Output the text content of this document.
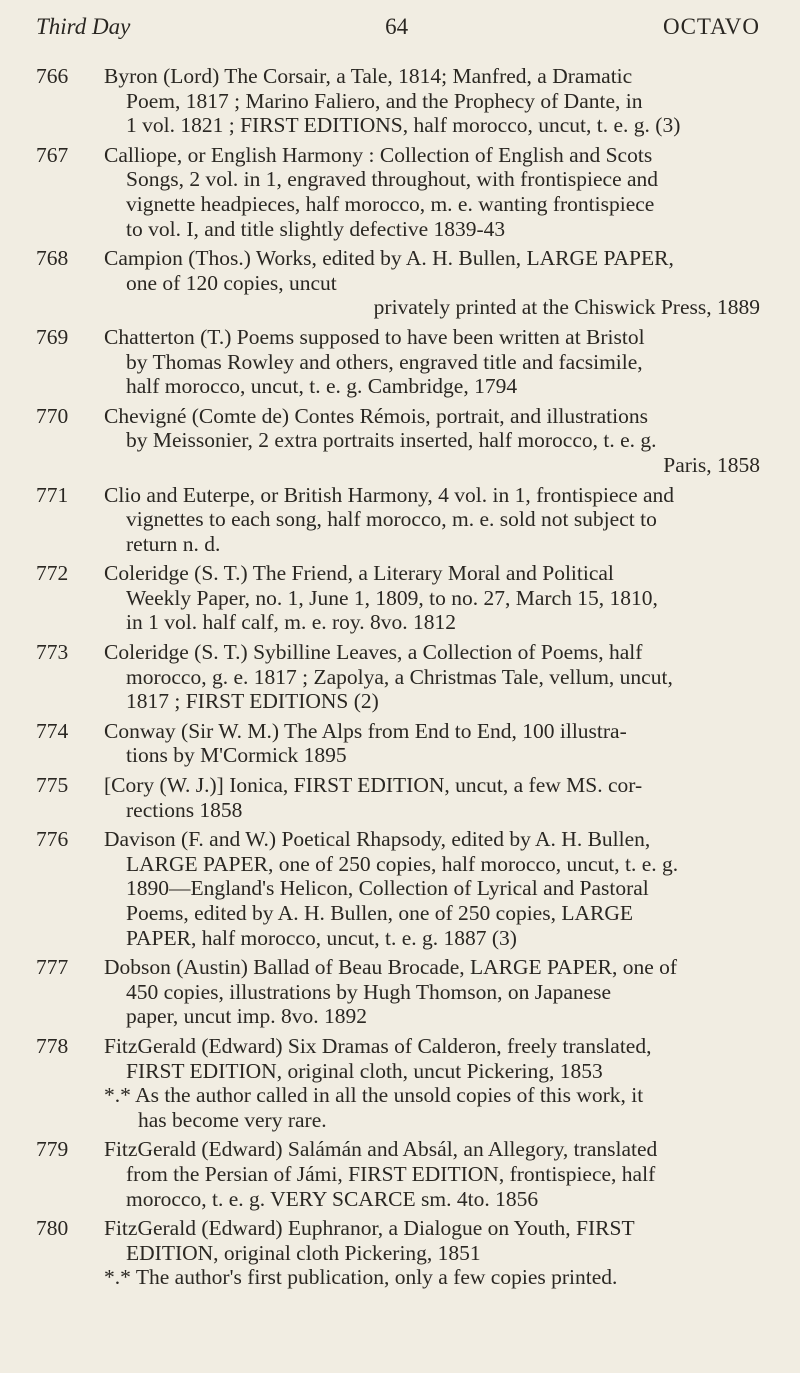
Third Day	64	OCTAVO
766	Byron (Lord) The Corsair, a Tale, 1814; Manfred, a Dramatic
Poem, 1817 ; Marino Faliero, and the Prophecy of Dante, in
1 vol. 1821 ; FIRST EDITIONS, half morocco, uncut, t. e. g. (3)
767	Calliope, or English Harmony : Collection of English and Scots
Songs, 2 vol. in 1, engraved throughout, with frontispiece and
vignette headpieces, half morocco, m. e. wanting frontispiece
to vol. I, and title slightly defective 1839-43
768	Campion (Thos.) Works, edited by A. H. Bullen, LARGE PAPER,
one of 120 copies, uncut
privately printed at the Chiswick Press, 1889
769	Chatterton (T.) Poems supposed to have been written at Bristol
by Thomas Rowley and others, engraved title and facsimile,
half morocco, uncut, t. e. g. Cambridge, 1794
770	Chevigné (Comte de) Contes Rémois, portrait, and illustrations
by Meissonier, 2 extra portraits inserted, half morocco, t. e. g.
Paris, 1858
771	Clio and Euterpe, or British Harmony, 4 vol. in 1, frontispiece and
vignettes to each song, half morocco, m. e. sold not subject to
return n. d.
772	Coleridge (S. T.) The Friend, a Literary Moral and Political
Weekly Paper, no. 1, June 1, 1809, to no. 27, March 15, 1810,
in 1 vol. half calf, m. e. roy. 8vo. 1812
773	Coleridge (S. T.) Sybilline Leaves, a Collection of Poems, half
morocco, g. e. 1817 ; Zapolya, a Christmas Tale, vellum, uncut,
1817 ; FIRST EDITIONS (2)
774	Conway (Sir W. M.) The Alps from End to End, 100 illustra-
tions by M'Cormick 1895
775	[Cory (W. J.)] Ionica, FIRST EDITION, uncut, a few MS. cor-
rections 1858
776	Davison (F. and W.) Poetical Rhapsody, edited by A. H. Bullen,
LARGE PAPER, one of 250 copies, half morocco, uncut, t. e. g.
1890—England's Helicon, Collection of Lyrical and Pastoral
Poems, edited by A. H. Bullen, one of 250 copies, LARGE
PAPER, half morocco, uncut, t. e. g. 1887 (3)
777	Dobson (Austin) Ballad of Beau Brocade, LARGE PAPER, one of
450 copies, illustrations by Hugh Thomson, on Japanese
paper, uncut imp. 8vo. 1892
778	FitzGerald (Edward) Six Dramas of Calderon, freely translated,
FIRST EDITION, original cloth, uncut Pickering, 1853
*.* As the author called in all the unsold copies of this work, it
has become very rare.
779	FitzGerald (Edward) Salámán and Absál, an Allegory, translated
from the Persian of Jámi, FIRST EDITION, frontispiece, half
morocco, t. e. g. VERY SCARCE sm. 4to. 1856
780	FitzGerald (Edward) Euphranor, a Dialogue on Youth, FIRST
EDITION, original cloth Pickering, 1851
*.* The author's first publication, only a few copies printed.
